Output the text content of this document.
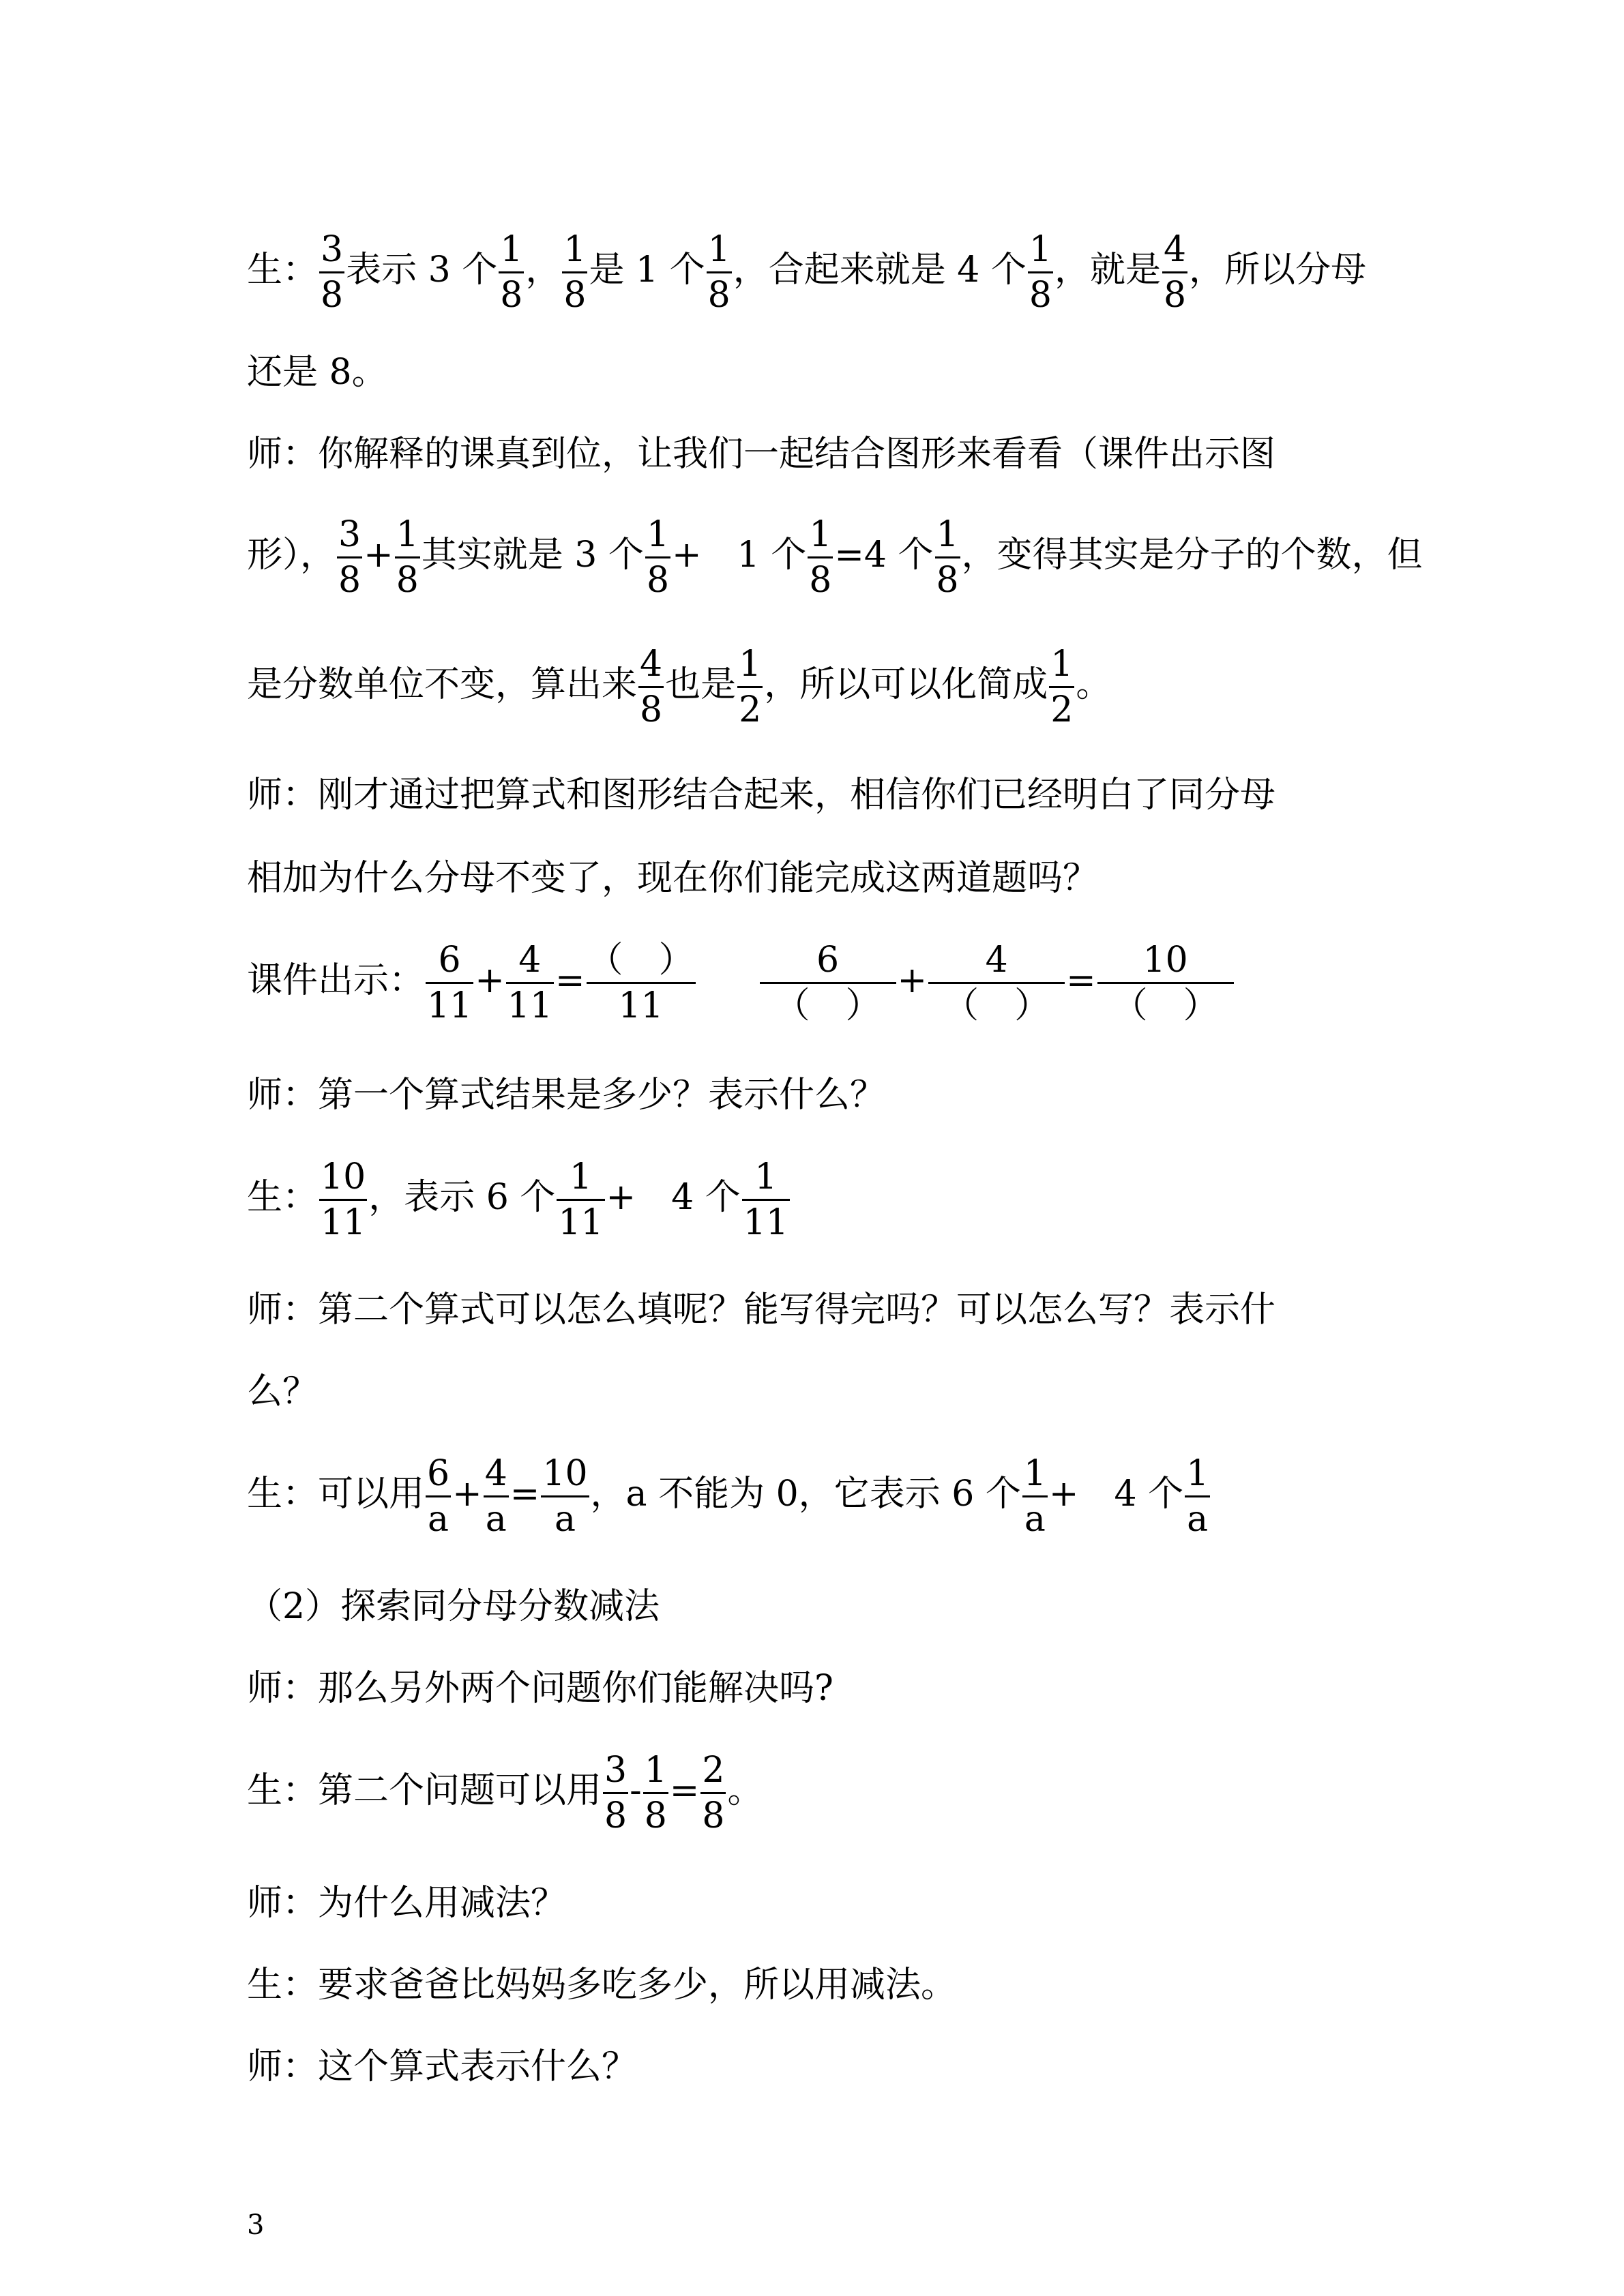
生： $\frac{3}{8}$ 表示 3 个 $\frac{1}{8}$ ， $\frac{1}{8}$ 是 1 个 $\frac{1}{8}$ ，合起来就是 4 个 $\frac{1}{8}$ ，就是 $\frac{4}{8}$ ，所以分母
还是 8。
师：你解释的课真到位，让我们一起结合图形来看看（课件出示图
形）， $\frac{3}{8} + \frac{1}{8}$ 其实就是 3 个 $\frac{1}{8}$ +　1 个 $\frac{1}{8} =4$ 个 $\frac{1}{8}$ ，变得其实是分子的个数，但
是分数单位不变，算出来 $\frac{4}{8}$ 也是 $\frac{1}{2}$ ，所以可以化简成 $\frac{1}{2}$ 。
师：刚才通过把算式和图形结合起来，相信你们已经明白了同分母
相加为什么分母不变了，现在你们能完成这两道题吗？
课件出示： $\frac{6}{11} + \frac{4}{11}$ = （　）
11
6
（　）
+	4
（　）
=	10
（　）
师：第一个算式结果是多少？表示什么？
生： $\frac{10}{11}$ ，表示 6 个 $\frac{1}{11}$ +　4 个 $\frac{1}{11}$
师：第二个算式可以怎么填呢？能写得完吗？可以怎么写？表示什
么？
生：可以用 $\frac{6}{a} + \frac{4}{a} = \frac{10}{a}$ ，a 不能为 0，它表示 6 个 $\frac{1}{a}$ +　4 个 $\frac{1}{a}$
（2）探索同分母分数减法
师：那么另外两个问题你们能解决吗?
生：第二个问题可以用 $\frac{3}{8} - \frac{1}{8} = \frac{2}{8}$ 。
师：为什么用减法？
生：要求爸爸比妈妈多吃多少，所以用减法。
师：这个算式表示什么？
3
